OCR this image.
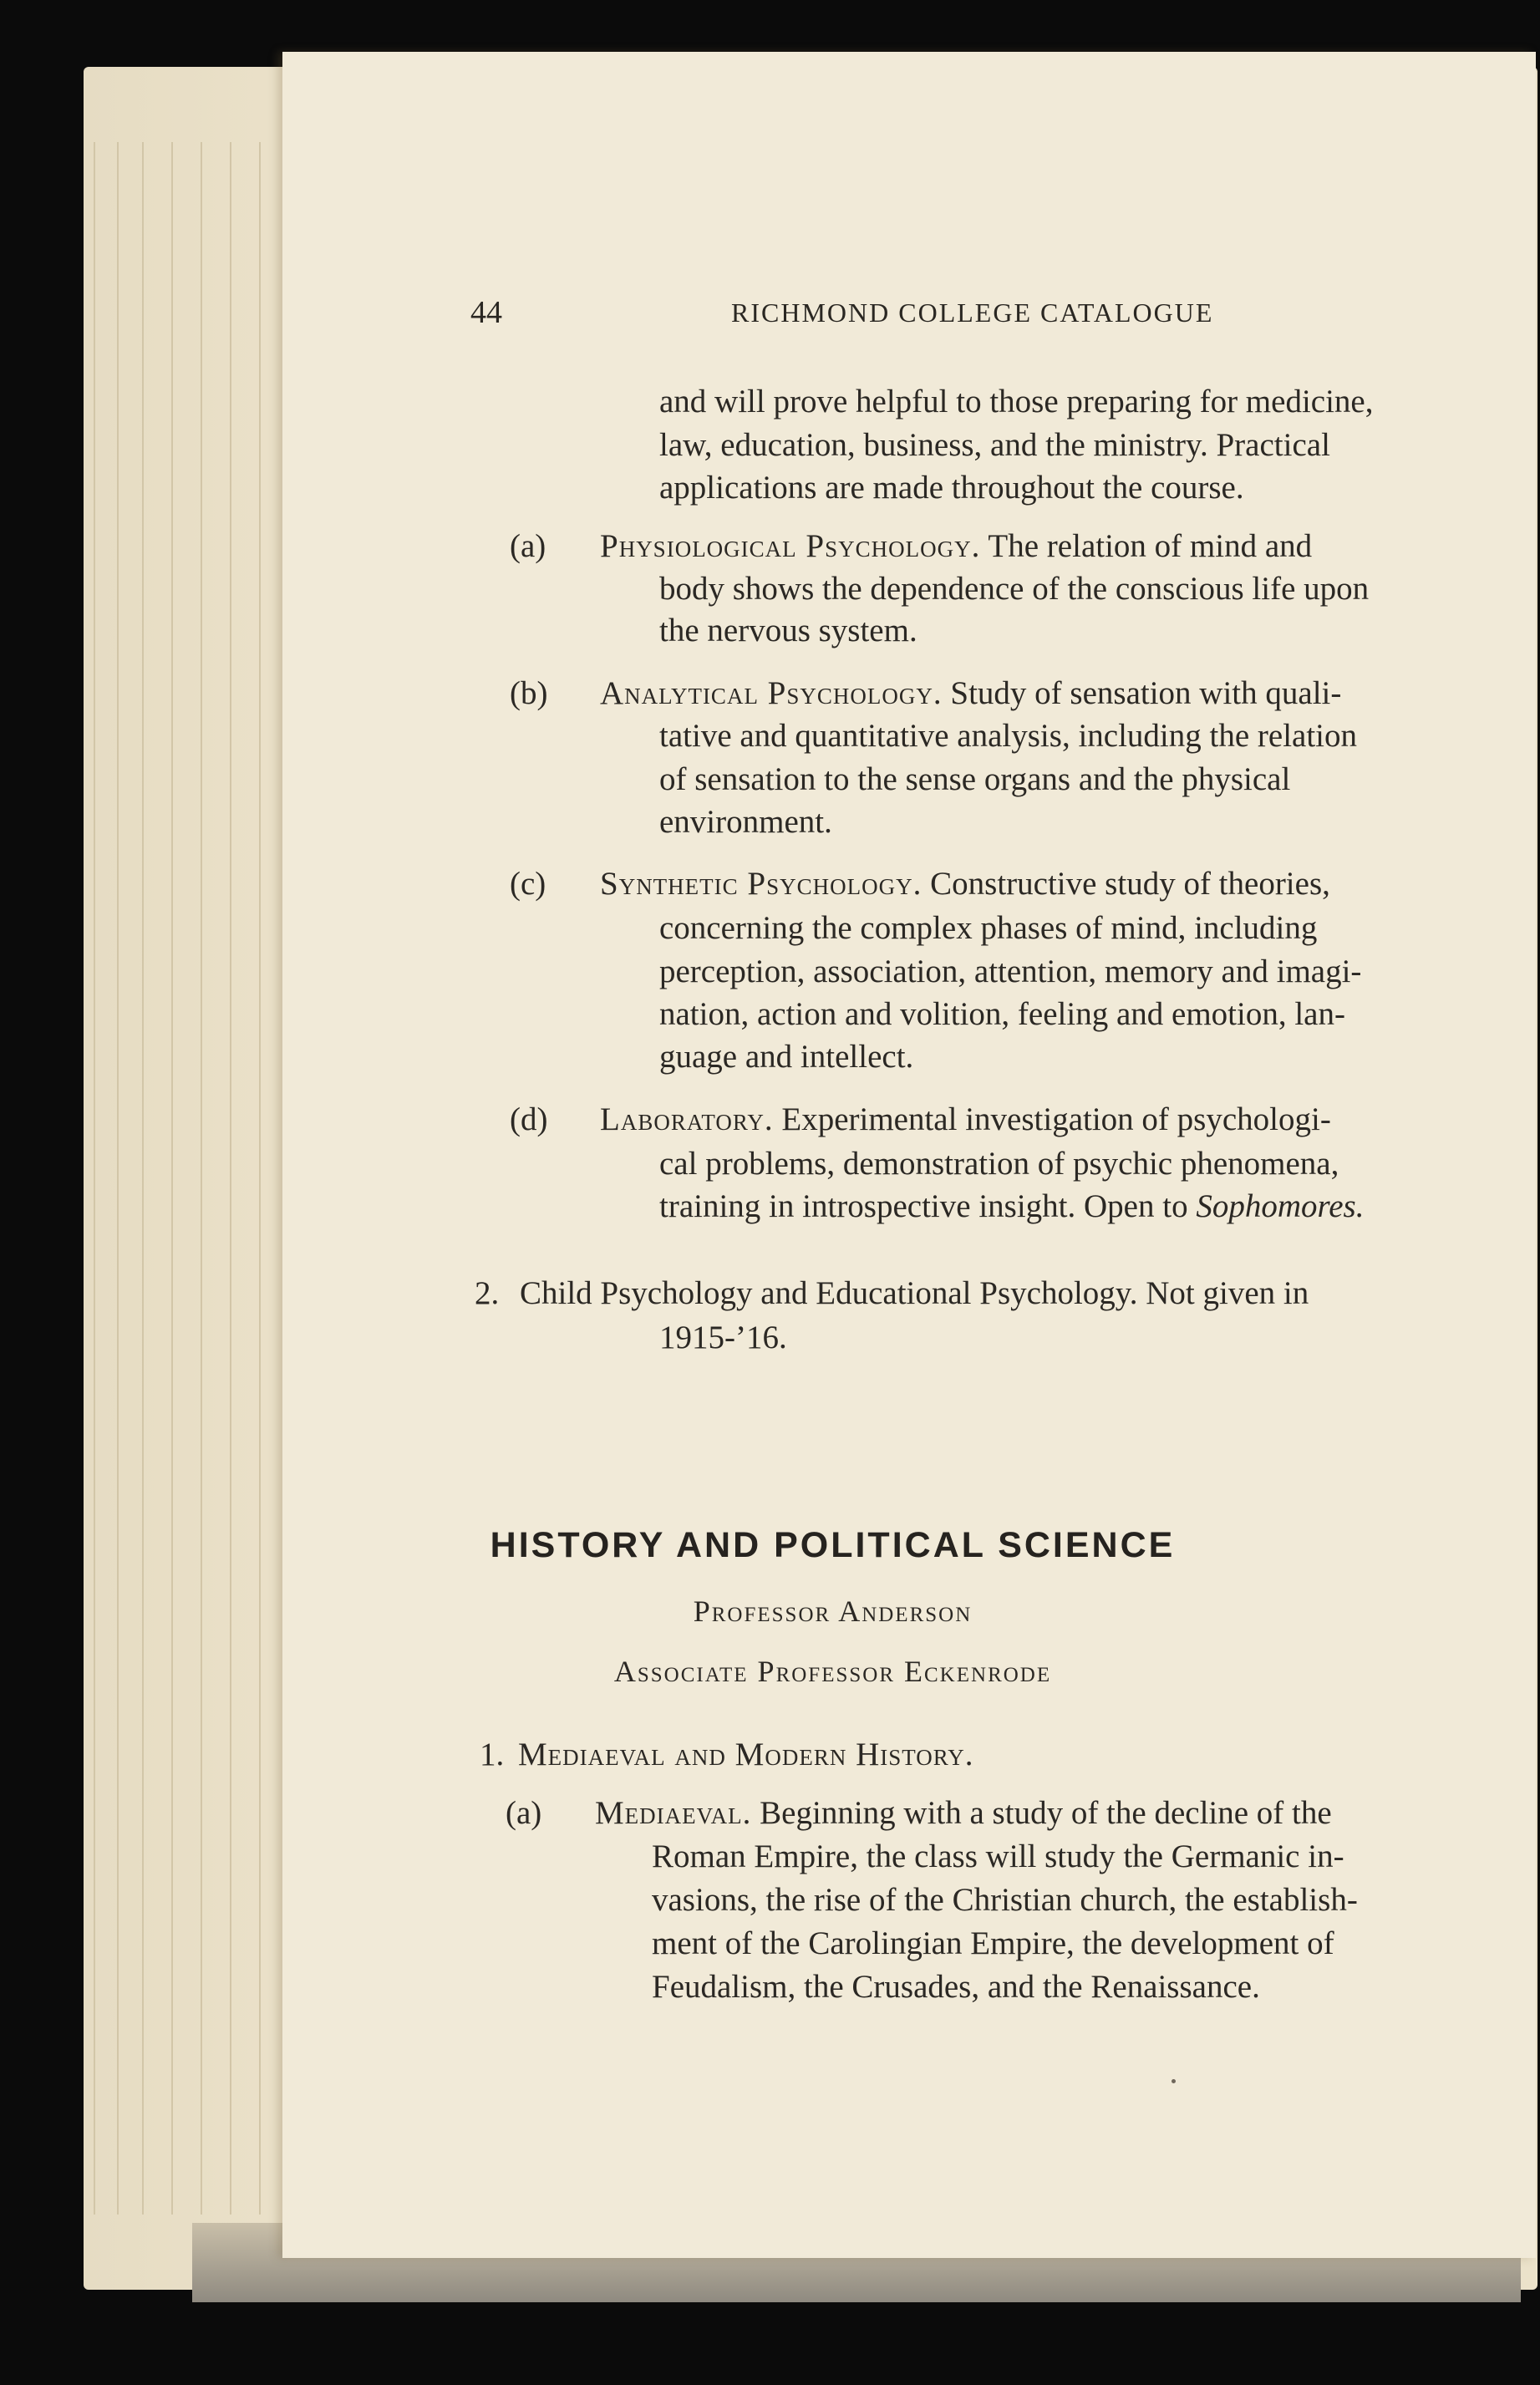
44	RICHMOND COLLEGE CATALOGUE
and will prove helpful to those preparing for medicine,
law, education, business, and the ministry. Practical
applications are made throughout the course.
(a) Physiological Psychology. The relation of mind and
body shows the dependence of the conscious life upon
the nervous system.
(b) Analytical Psychology. Study of sensation with quali-
tative and quantitative analysis, including the relation
of sensation to the sense organs and the physical
environment.
(c) Synthetic Psychology. Constructive study of theories,
concerning the complex phases of mind, including
perception, association, attention, memory and imagi-
nation, action and volition, feeling and emotion, lan-
guage and intellect.
(d) Laboratory. Experimental investigation of psychologi-
cal problems, demonstration of psychic phenomena,
training in introspective insight. Open to Sophomores.
2. Child Psychology and Educational Psychology. Not given in
1915-’16.
HISTORY AND POLITICAL SCIENCE
Professor Anderson
Associate Professor Eckenrode
1. Mediaeval and Modern History.
(a) Mediaeval. Beginning with a study of the decline of the
Roman Empire, the class will study the Germanic in-
vasions, the rise of the Christian church, the establish-
ment of the Carolingian Empire, the development of
Feudalism, the Crusades, and the Renaissance.
